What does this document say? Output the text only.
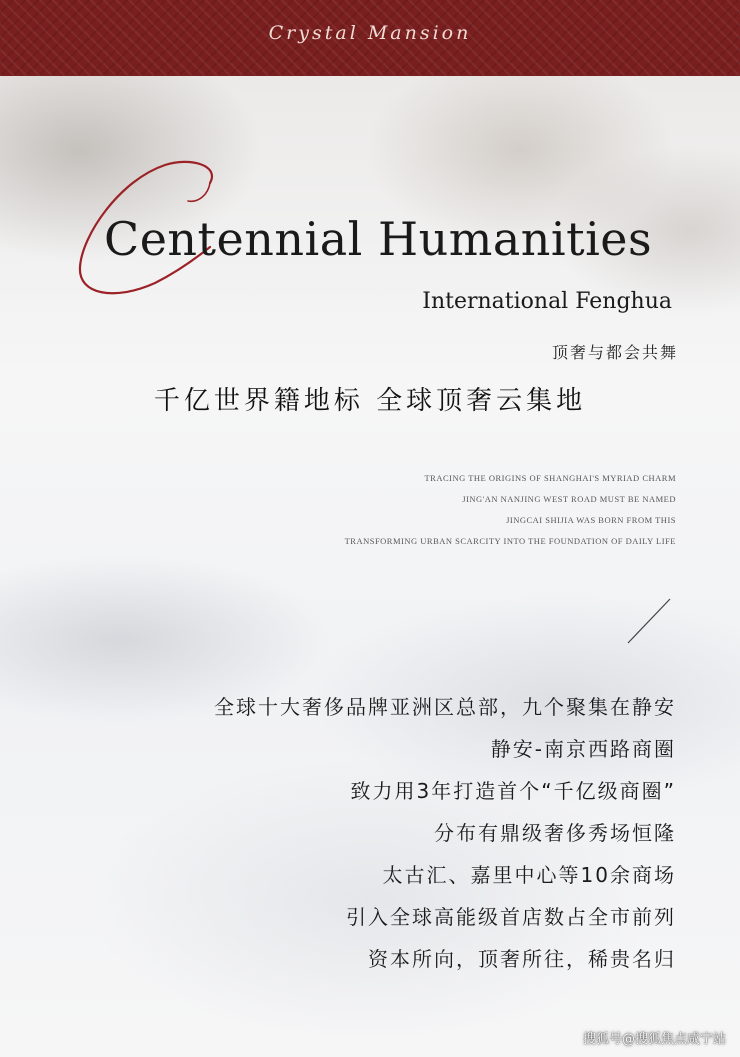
Crystal Mansion
Centennial Humanities
International Fenghua
顶奢与都会共舞
千亿世界籍地标 全球顶奢云集地
TRACING THE ORIGINS OF SHANGHAI'S MYRIAD CHARM
JING'AN NANJING WEST ROAD MUST BE NAMED
JINGCAI SHIJIA WAS BORN FROM THIS
TRANSFORMING URBAN SCARCITY INTO THE FOUNDATION OF DAILY LIFE
全球十大奢侈品牌亚洲区总部，九个聚集在静安
静安-南京西路商圈
致力用3年打造首个“千亿级商圈”
分布有鼎级奢侈秀场恒隆
太古汇、嘉里中心等10余商场
引入全球高能级首店数占全市前列
资本所向，顶奢所往，稀贵名归
搜狐号@搜狐焦点咸宁站
